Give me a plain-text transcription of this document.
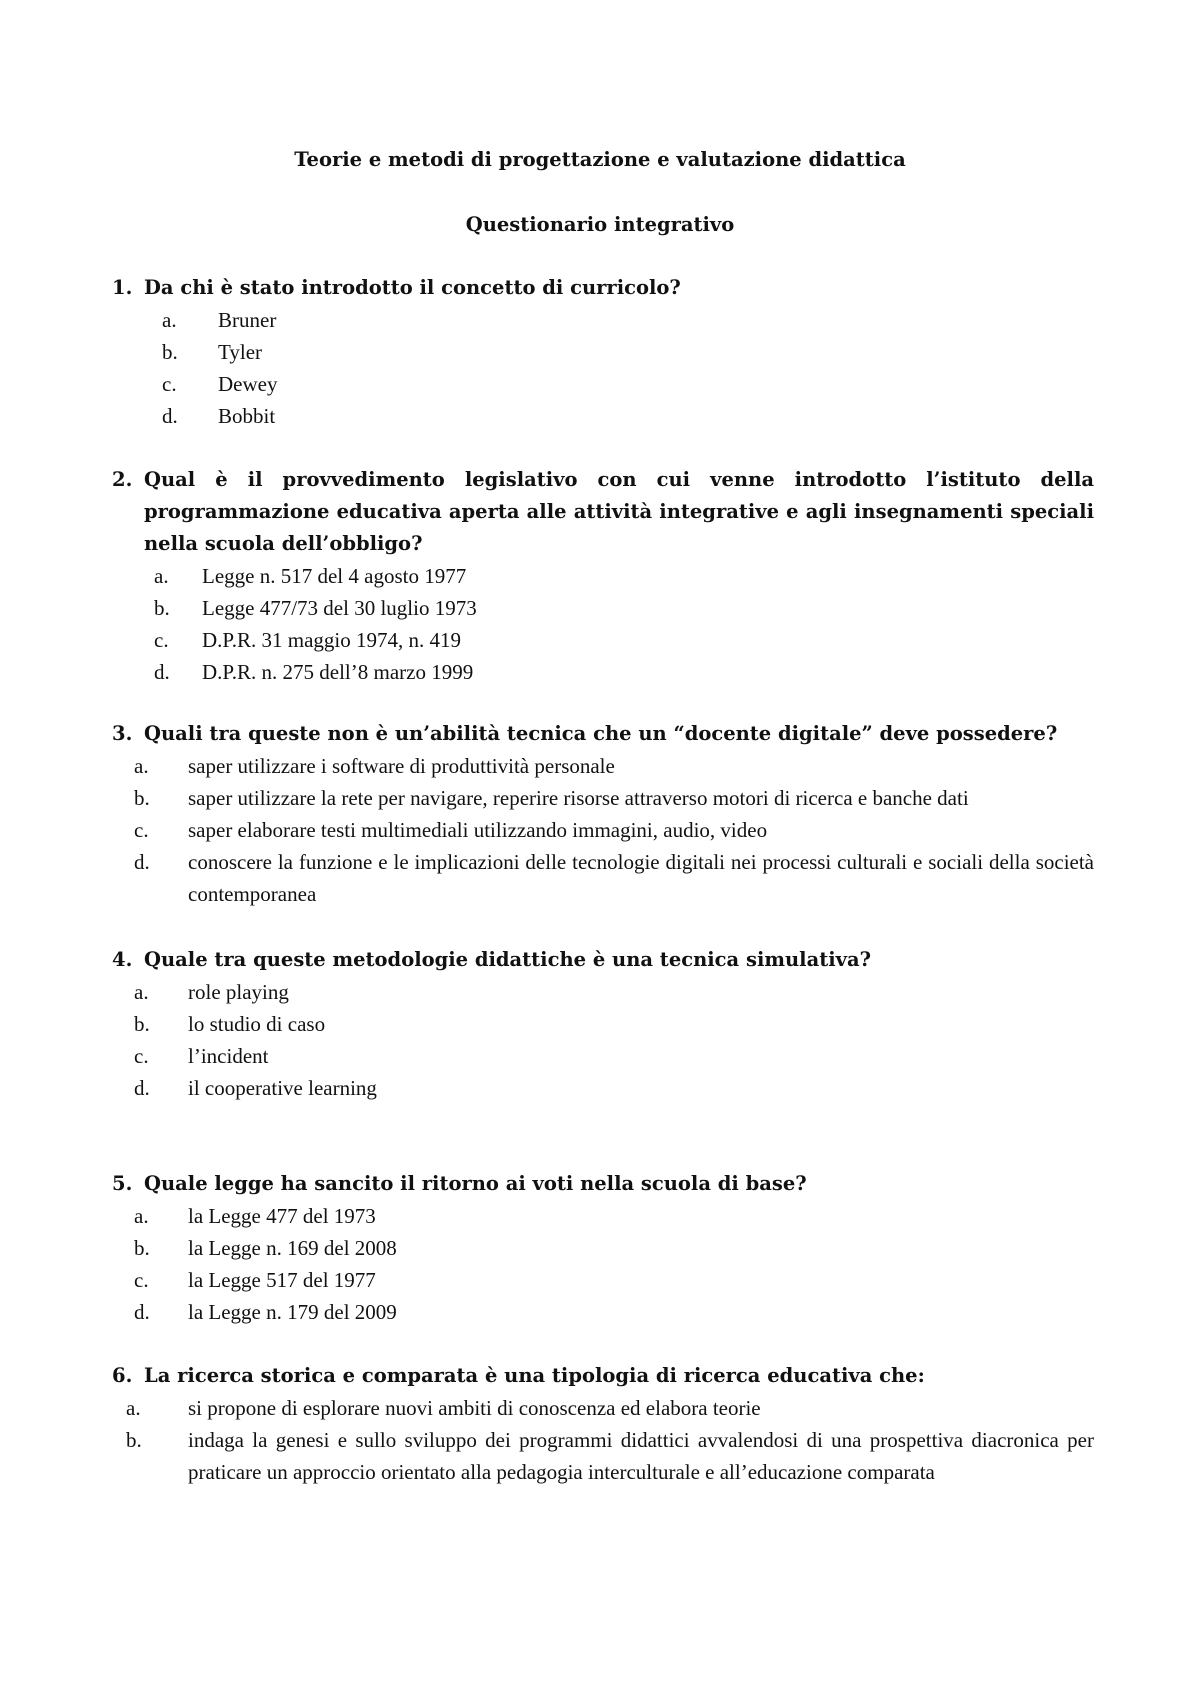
Teorie e metodi di progettazione e valutazione didattica
Questionario integrativo
1. Da chi è stato introdotto il concetto di curricolo?
a. Bruner
b. Tyler
c. Dewey
d. Bobbit
2. Qual è il provvedimento legislativo con cui venne introdotto l’istituto della programmazione educativa aperta alle attività integrative e agli insegnamenti speciali nella scuola dell’obbligo?
a. Legge n. 517 del 4 agosto 1977
b. Legge 477/73 del 30 luglio 1973
c. D.P.R. 31 maggio 1974, n. 419
d. D.P.R. n. 275 dell’8 marzo 1999
3. Quali tra queste non è un’abilità tecnica che un “docente digitale” deve possedere?
a. saper utilizzare i software di produttività personale
b. saper utilizzare la rete per navigare, reperire risorse attraverso motori di ricerca e banche dati
c. saper elaborare testi multimediali utilizzando immagini, audio, video
d. conoscere la funzione e le implicazioni delle tecnologie digitali nei processi culturali e sociali della società contemporanea
4. Quale tra queste metodologie didattiche è una tecnica simulativa?
a. role playing
b. lo studio di caso
c. l’incident
d. il cooperative learning
5. Quale legge ha sancito il ritorno ai voti nella scuola di base?
a. la Legge 477 del 1973
b. la Legge n. 169 del 2008
c. la Legge 517 del 1977
d. la Legge n. 179 del 2009
6. La ricerca storica e comparata è una tipologia di ricerca educativa che:
a. si propone di esplorare nuovi ambiti di conoscenza ed elabora teorie
b. indaga la genesi e sullo sviluppo dei programmi didattici avvalendosi di una prospettiva diacronica per praticare un approccio orientato alla pedagogia interculturale e all’educazione comparata
